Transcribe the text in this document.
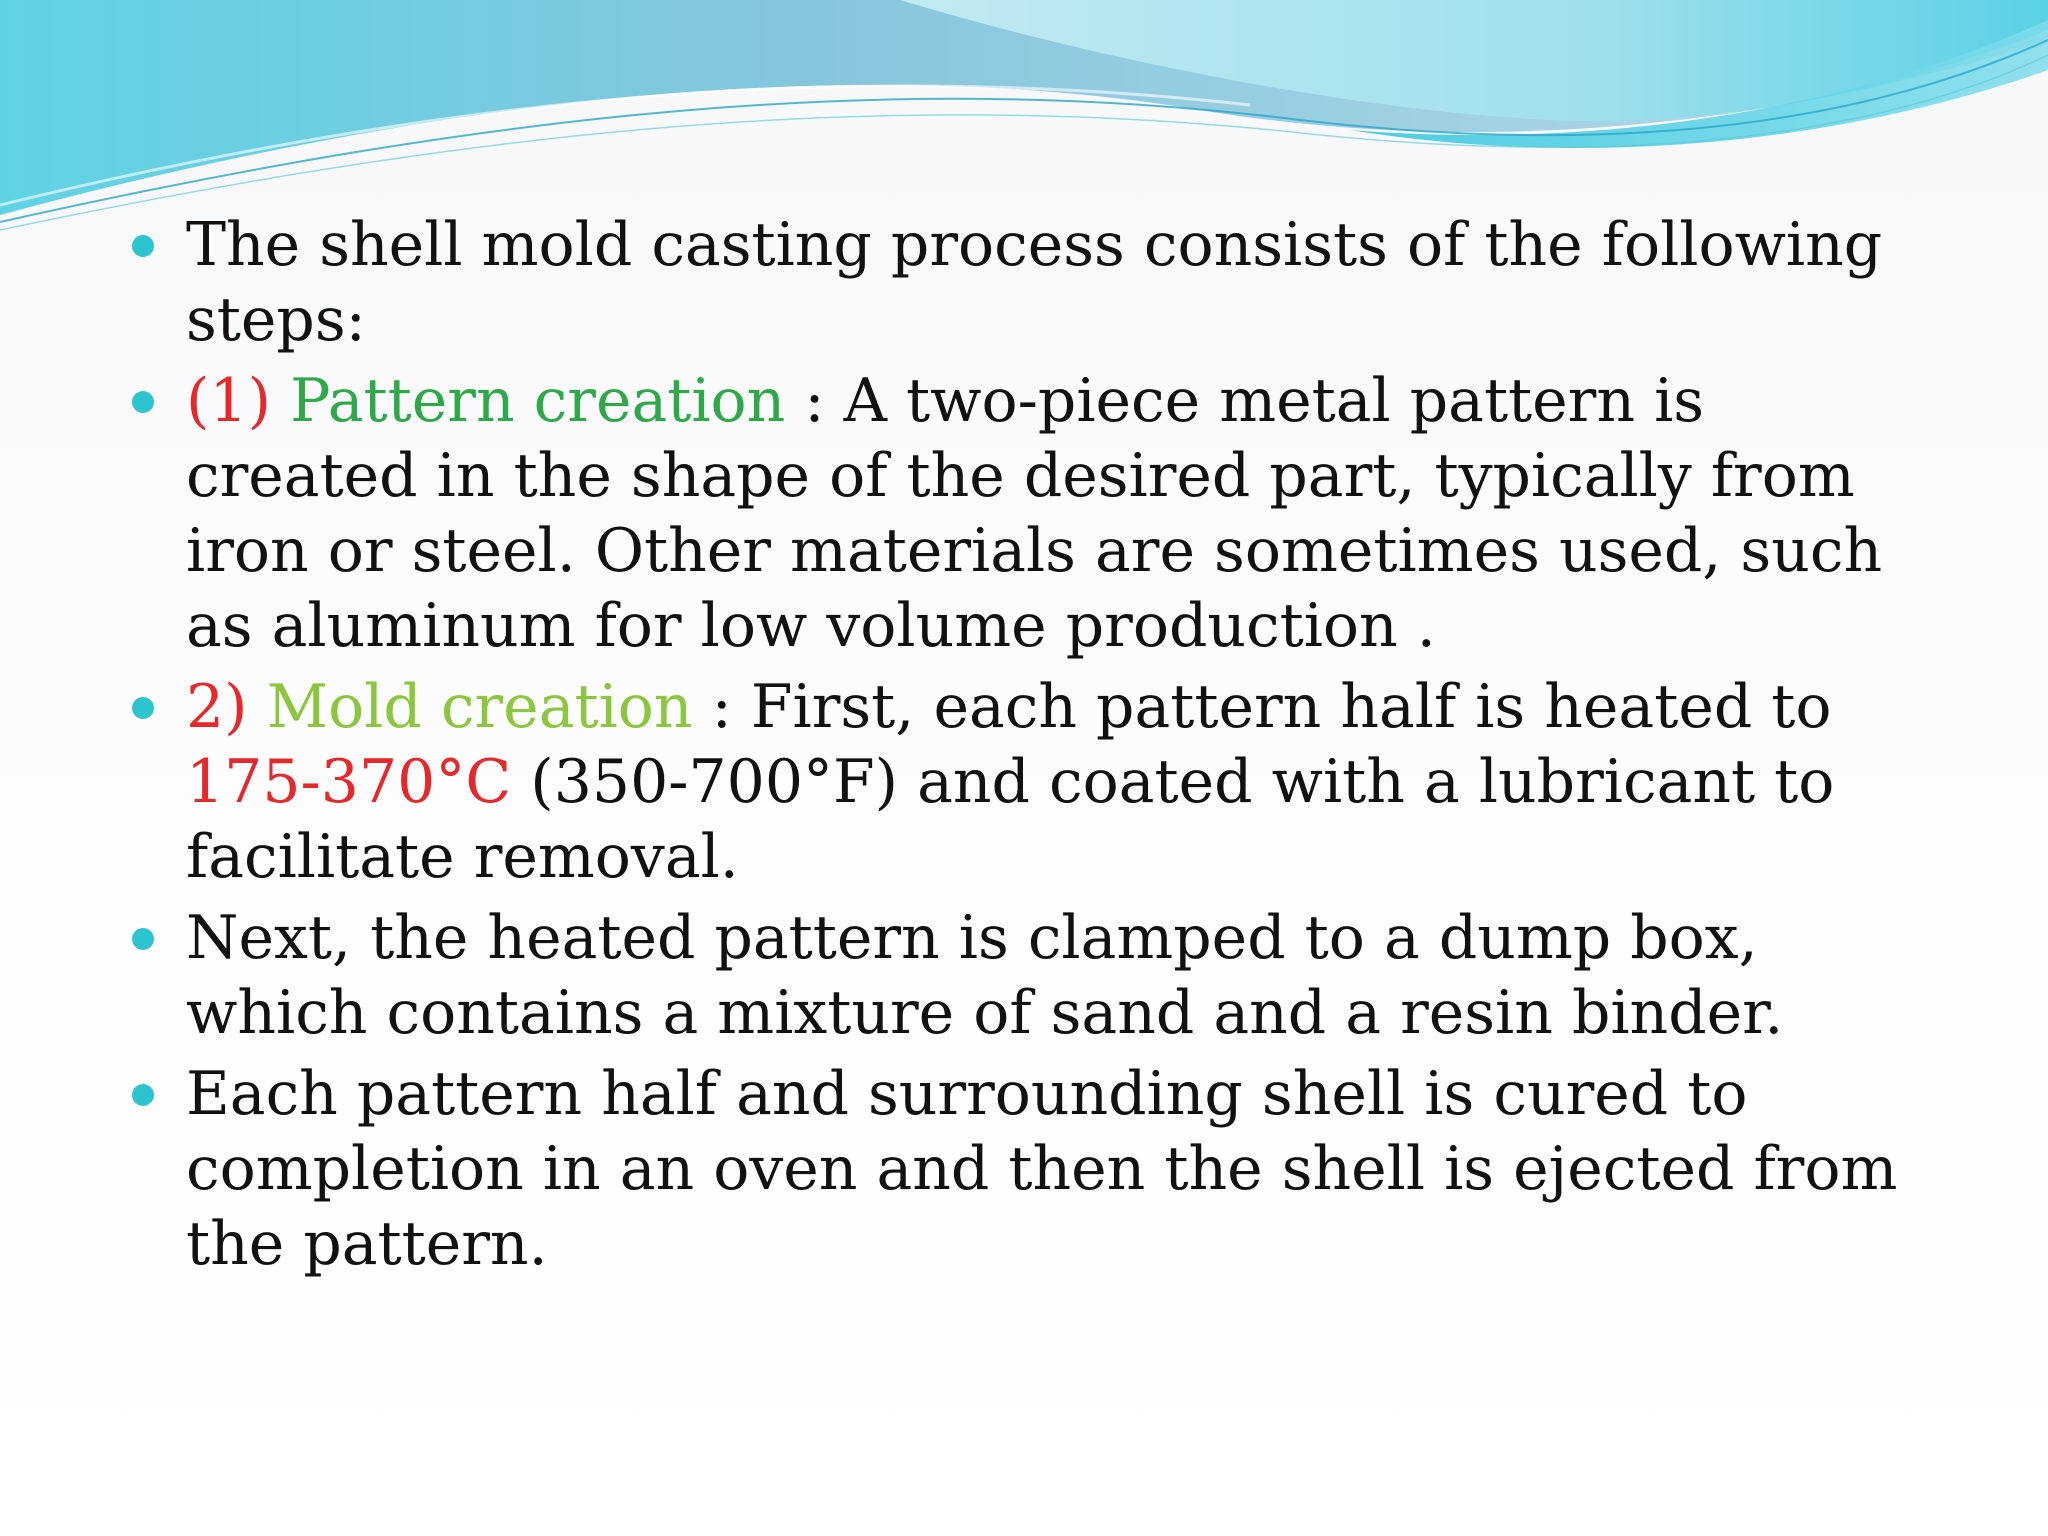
The shell mold casting process consists of the following steps:
(1) Pattern creation : A two-piece metal pattern is created in the shape of the desired part, typically from iron or steel. Other materials are sometimes used, such as aluminum for low volume production .
2) Mold creation : First, each pattern half is heated to 175-370°C (350-700°F) and coated with a lubricant to facilitate removal.
Next, the heated pattern is clamped to a dump box, which contains a mixture of sand and a resin binder.
Each pattern half and surrounding shell is cured to completion in an oven and then the shell is ejected from the pattern.
